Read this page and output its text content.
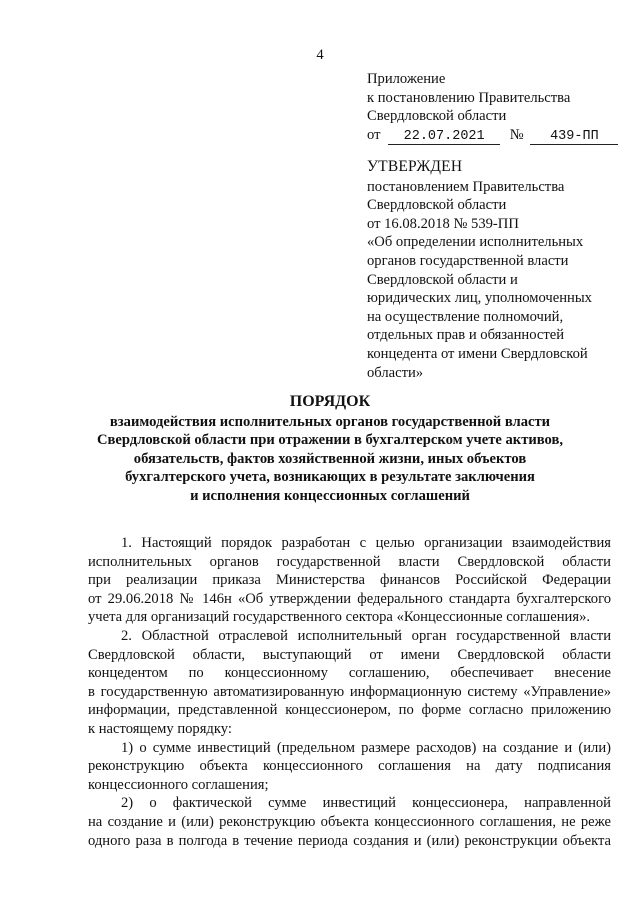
4
Приложение
к постановлению Правительства
Свердловской области
от 22.07.2021 № 439-ПП
УТВЕРЖДЕН
постановлением Правительства
Свердловской области
от 16.08.2018 № 539-ПП
«Об определении исполнительных
органов государственной власти
Свердловской области и
юридических лиц, уполномоченных
на осуществление полномочий,
отдельных прав и обязанностей
концедента от имени Свердловской
области»
ПОРЯДОК
взаимодействия исполнительных органов государственной власти
Свердловской области при отражении в бухгалтерском учете активов,
обязательств, фактов хозяйственной жизни, иных объектов
бухгалтерского учета, возникающих в результате заключения
и исполнения концессионных соглашений
1. Настоящий порядок разработан с целью организации взаимодействия
исполнительных органов государственной власти Свердловской области
при реализации приказа Министерства финансов Российской Федерации
от 29.06.2018 № 146н «Об утверждении федерального стандарта бухгалтерского
учета для организаций государственного сектора «Концессионные соглашения».
2. Областной отраслевой исполнительный орган государственной власти
Свердловской области, выступающий от имени Свердловской области
концедентом по концессионному соглашению, обеспечивает внесение
в государственную автоматизированную информационную систему «Управление»
информации, представленной концессионером, по форме согласно приложению
к настоящему порядку:
1) о сумме инвестиций (предельном размере расходов) на создание и (или)
реконструкцию объекта концессионного соглашения на дату подписания
концессионного соглашения;
2) о фактической сумме инвестиций концессионера, направленной
на создание и (или) реконструкцию объекта концессионного соглашения, не реже
одного раза в полгода в течение периода создания и (или) реконструкции объекта
